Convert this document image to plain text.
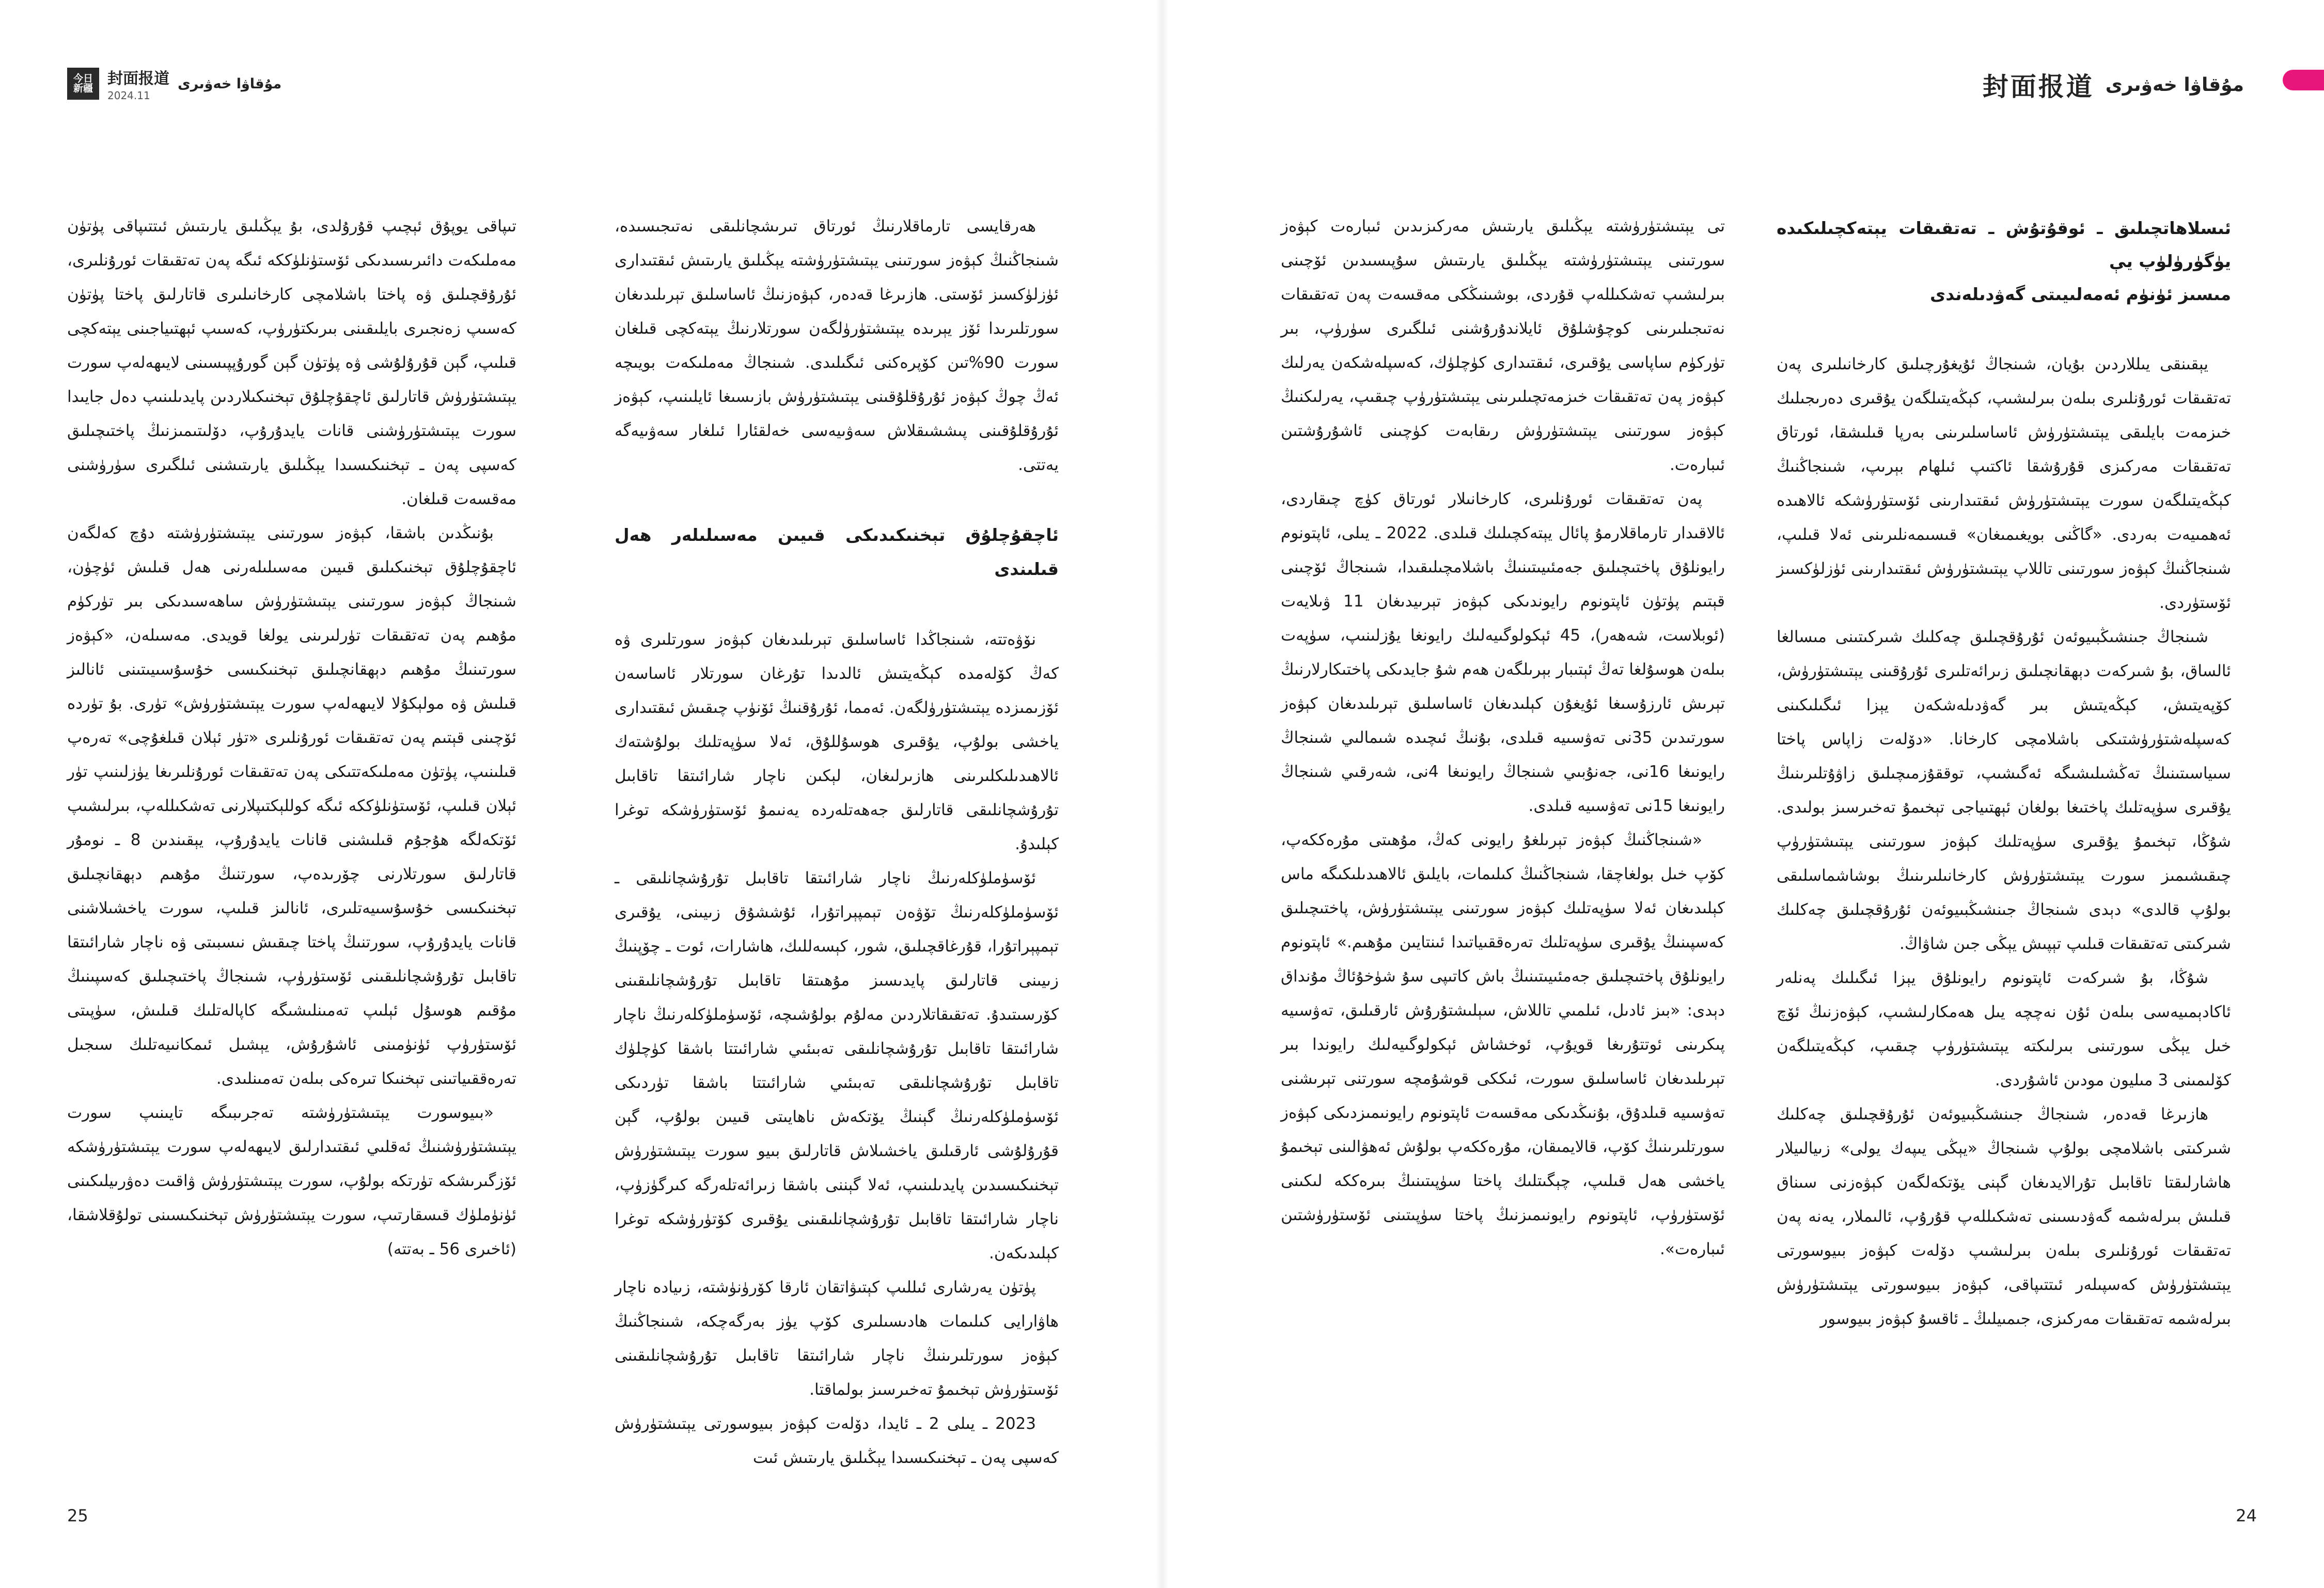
今日
新疆
封面报道
2024.11
مۇقاۋا خەۋىرى

ھەرقايسى تارماقلارنىڭ ئورتاق تىرىشچانلىقى نەتىجىسىدە، شىنجاڭنىڭ كېۋەز سورتىنى يېتىشتۈرۈشتە يېڭىلىق يارىتىش ئىقتىدارى ئۈزلۈكسىز ئۆستى. ھازىرغا قەدەر، كېۋەزنىڭ ئاساسلىق تېرىلىدىغان سورتلىرىدا ئۆز يېرىدە يېتىشتۈرۈلگەن سورتلارنىڭ يېتەكچى قىلغان سورت 90%تىن كۆپرەكنى ئىگىلىدى. شىنجاڭ مەملىكەت بويىچە ئەڭ چوڭ كېۋەز ئۇرۇقلۇقىنى يېتىشتۈرۈش بازىسىغا ئايلىنىپ، كېۋەز ئۇرۇقلۇقىنى پىششىقلاش سەۋىيەسى خەلقئارا ئىلغار سەۋىيەگە يەتتى.

ئاچقۇچلۇق تېخنىكىدىكى قىيىن مەسىلىلەر ھەل قىلىندى

نۆۋەتتە، شىنجاڭدا ئاساسلىق تېرىلىدىغان كېۋەز سورتلىرى ۋە كەڭ كۆلەمدە كېڭەيتىش ئالدىدا تۇرغان سورتلار ئاساسەن ئۆزىمىزدە يېتىشتۈرۈلگەن. ئەمما، ئۇرۇقنىڭ ئۆنۈپ چىقىش ئىقتىدارى ياخشى بولۇپ، يۇقىرى ھوسۇللۇق، ئەلا سۈپەتلىك بولۇشتەك ئالاھىدىلىكلىرىنى ھازىرلىغان، لېكىن ناچار شارائىتقا تاقابىل تۇرۇشچانلىقى قاتارلىق جەھەتلەردە يەنىمۇ ئۆستۈرۈشكە توغرا كېلىدۇ.

ئۆسۈملۈكلەرنىڭ ناچار شارائىتقا تاقابىل تۇرۇشچانلىقى ـ ئۆسۈملۈكلەرنىڭ تۆۋەن تېمپېراتۇرا، ئۇششۇق زىيىنى، يۇقىرى تېمپېراتۇرا، قۇرغاقچىلىق، شور، كېسەللىك، ھاشارات، ئوت ـ چۆپنىڭ زىيىنى قاتارلىق پايدىسىز مۇھىتقا تاقابىل تۇرۇشچانلىقىنى كۆرسىتىدۇ. تەتقىقاتلاردىن مەلۇم بولۇشىچە، ئۆسۈملۈكلەرنىڭ ناچار شارائىتقا تاقابىل تۇرۇشچانلىقى تەبىئىي شارائىتتا باشقا كۈچلۈك تاقابىل تۇرۇشچانلىقى تەبىئىي شارائىتتا باشقا تۈردىكى ئۆسۈملۈكلەرنىڭ گېنىڭ يۆتكەش ناھايىتى قىيىن بولۇپ، گېن قۇرۇلۇشى ئارقىلىق ياخشىلاش قاتارلىق بىيو سورت يېتىشتۈرۈش تېخنىكىسىدىن پايدىلىنىپ، ئەلا گېننى باشقا زىرائەتلەرگە كىرگۈزۈپ، ناچار شارائىتقا تاقابىل تۇرۇشچانلىقىنى يۇقىرى كۆتۈرۈشكە توغرا كېلىدىكەن.

پۈتۈن يەرشارى ئىللىپ كېتىۋاتقان ئارقا كۆرۈنۈشتە، زىيادە ناچار ھاۋارايى كىلىمات ھادىسىلىرى كۆپ يۈز بەرگەچكە، شىنجاڭنىڭ كېۋەز سورتلىرىنىڭ ناچار شارائىتقا تاقابىل تۇرۇشچانلىقىنى ئۆستۈرۈش تېخىمۇ تەخىرسىز بولماقتا.

2023 ـ يىلى 2 ـ ئايدا، دۆلەت كېۋەز بىيوسورتى يېتىشتۈرۈش كەسپى پەن ـ تېخنىكىسىدا يېڭىلىق يارىتىش ئىت

تىپاقى يوپۇق ئېچىپ قۇرۇلدى، بۇ يېڭىلىق يارىتىش ئىتتىپاقى پۈتۈن مەملىكەت دائىرىسىدىكى ئۆستۈنلۈككە ئىگە پەن تەتقىقات ئورۇنلىرى، ئۇرۇقچىلىق ۋە پاختا باشلامچى كارخانىلىرى قاتارلىق پاختا پۈتۈن كەسىپ زەنجىرى بايلىقىنى بىرىكتۈرۈپ، كەسىپ ئېھتىياجىنى يېتەكچى قىلىپ، گېن قۇرۇلۇشى ۋە پۈتۈن گېن گورۇپپىسىنى لايىھەلەپ سورت يېتىشتۈرۈش قاتارلىق ئاچقۇچلۇق تېخنىكىلاردىن پايدىلىنىپ دەل جايىدا سورت يېتىشتۈرۈشنى قانات يايدۇرۇپ، دۆلىتىمىزنىڭ پاختىچىلىق كەسپى پەن ـ تېخنىكىسىدا يېڭىلىق يارىتىشنى ئىلگىرى سۈرۈشنى مەقسەت قىلغان.

بۇنىڭدىن باشقا، كېۋەز سورتىنى يېتىشتۈرۈشتە دۇچ كەلگەن ئاچقۇچلۇق تېخنىكىلىق قىيىن مەسىلىلەرنى ھەل قىلىش ئۈچۈن، شىنجاڭ كېۋەز سورتىنى يېتىشتۈرۈش ساھەسىدىكى بىر تۈركۈم مۇھىم پەن تەتقىقات تۈرلىرىنى يولغا قويدى. مەسىلەن، «كېۋەز سورتىنىڭ مۇھىم دېھقانچىلىق تېخنىكىسى خۇسۇسىيىتىنى ئانالىز قىلىش ۋە مولېكۇلا لايىھەلەپ سورت يېتىشتۈرۈش» تۈرى. بۇ تۈردە ئۆچىنى قېتىم پەن تەتقىقات ئورۇنلىرى «تۈر ئېلان قىلغۇچى» تەرەپ قىلىنىپ، پۈتۈن مەملىكەتتىكى پەن تەتقىقات ئورۇنلىرىغا يۈزلىنىپ تۈر ئېلان قىلىپ، ئۆستۈنلۈككە ئىگە كوللېكتىپلارنى تەشكىللەپ، بىرلىشىپ ئۆتكەلگە ھۇجۇم قىلىشنى قانات يايدۇرۇپ، يېقىندىن 8 ـ نومۇر قاتارلىق سورتلارنى چۆرىدەپ، سورتنىڭ مۇھىم دېھقانچىلىق تېخنىكىسى خۇسۇسىيەتلىرى، ئانالىز قىلىپ، سورت ياخشىلاشنى قانات يايدۇرۇپ، سورتنىڭ پاختا چىقىش نىسبىتى ۋە ناچار شارائىتقا تاقابىل تۇرۇشچانلىقىنى ئۆستۈرۈپ، شىنجاڭ پاختىچىلىق كەسپىنىڭ مۇقىم ھوسۇل ئېلىپ تەمىنلىشىگە كاپالەتلىك قىلىش، سۈپىتى ئۆستۈرۈپ ئۈنۈمىنى ئاشۇرۇش، يېشىل ئىمكانىيەتلىك سىجىل تەرەققىياتىنى تېخنىكا تىرەكى بىلەن تەمىنلىدى.

«بىيوسورت يېتىشتۈرۈشتە تەجرىبىگە تايىنىپ سورت يېتىشتۈرۈشنىڭ ئەقلىي ئىقتىدارلىق لايىھەلەپ سورت يېتىشتۈرۈشكە ئۆزگىرىشكە تۈرتكە بولۇپ، سورت يېتىشتۈرۈش ۋاقىت دەۋرىيلىكىنى ئۈنۈملۈك قىسقارتىپ، سورت يېتىشتۈرۈش تېخنىكىسىنى تولۇقلاشقا، (ئاخىرى 56 ـ بەتتە)

25
封面报道 مۇقاۋا خەۋىرى

ئىسلاھاتچىلىق ـ ئوقۇتۇش ـ تەتقىقات يېتەكچىلىكىدە يۈگۈرۈلۈپ يې

مىسىز ئۈنۈم ئەمەلىيىتى گەۋدىلەندى

يېقىنقى يىللاردىن بۇيان، شىنجاڭ ئۇيغۇرچىلىق كارخانىلىرى پەن تەتقىقات ئورۇنلىرى بىلەن بىرلىشىپ، كېڭەيتىلگەن يۇقىرى دەرىجىلىك خىزمەت بايلىقى يېتىشتۈرۈش ئاساسلىرىنى بەرپا قىلىشقا، ئورتاق تەتقىقات مەركىزى قۇرۇشقا ئاكتىپ ئىلھام بېرىپ، شىنجاڭنىڭ كېڭەيتىلگەن سورت يېتىشتۈرۈش ئىقتىدارىنى ئۆستۈرۈشكە ئالاھىدە ئەھمىيەت بەردى. «گاڭنى بويغىمىغان» قىسىمەنلىرىنى ئەلا قىلىپ، شىنجاڭنىڭ كېۋەز سورتىنى تاللاپ يېتىشتۈرۈش ئىقتىدارىنى ئۈزلۈكسىز ئۆستۈردى.

شىنجاڭ جىنشىڭبىيوئەن ئۇرۇقچىلىق چەكلىك شىركىتىنى مىسالغا ئالساق، بۇ شىركەت دېھقانچىلىق زىرائەتلىرى ئۇرۇقىنى يېتىشتۈرۈش، كۆپەيتىش، كېڭەيتىش بىر گەۋدىلەشكەن يېزا ئىگىلىكىنى كەسپلەشتۈرۈشتىكى باشلامچى كارخانا. «دۆلەت زاپاس پاختا سىياسىتىنىڭ تەڭشىلىشىگە ئەگىشىپ، توققۇزمىچىلىق زاۋۇتلىرىنىڭ يۇقىرى سۈپەتلىك پاختىغا بولغان ئېھتىياجى تېخىمۇ تەخىرسىز بولىدى. شۇڭا، تېخىمۇ يۇقىرى سۈپەتلىك كېۋەز سورتىنى يېتىشتۈرۈپ چىقىشىمىز سورت يېتىشتۈرۈش كارخانىلىرىنىڭ بوشاشماسلىقى بولۇپ قالدى» دېدى شىنجاڭ جىنشىڭبىيوئەن ئۇرۇقچىلىق چەكلىك شىركىتى تەتقىقات قىلىپ تېپىش يېڭى جىن شاۋاڭ.

شۇڭا، بۇ شىركەت ئاپتونوم رايونلۇق يېزا ئىگىلىك پەنلەر ئاكادېمىيەسى بىلەن ئۇن نەچچە يىل ھەمكارلىشىپ، كېۋەزنىڭ ئۆچ خىل يېڭى سورتىنى بىرلىكتە يېتىشتۈرۈپ چىقىپ، كېڭەيتىلگەن كۆلىمىنى 3 مىليون مودىن ئاشۇردى.

ھازىرغا قەدەر، شىنجاڭ جىنشىڭبىيوئەن ئۇرۇقچىلىق چەكلىك شىركىتى باشلامچى بولۇپ شىنجاڭ «يېڭى يىپەك يولى» زىيالىيلار ھاشارلىقتا تاقابىل تۇرالايدىغان گېنى يۆتكەلگەن كېۋەزنى سىناق قىلىش بىرلەشمە گەۋدىسىنى تەشكىللەپ قۇرۇپ، ئالىملار، يەنە پەن تەتقىقات ئورۇنلىرى بىلەن بىرلىشىپ دۆلەت كېۋەز بىيوسورتى يېتىشتۈرۈش كەسپىلەر ئىتتىپاقى، كېۋەز بىيوسورتى يېتىشتۈرۈش بىرلەشمە تەتقىقات مەركىزى، جىمىيلىڭ ـ ئاقسۇ كېۋەز بىيوسور

تى يېتىشتۈرۈشتە يېڭىلىق يارىتىش مەركىزىدىن ئىبارەت كېۋەز سورتىنى يېتىشتۈرۈشتە يېڭىلىق يارىتىش سۇپىسىدىن ئۆچىنى بىرلىشىپ تەشكىللەپ قۇردى، بوشىنىڭكى مەقسەت پەن تەتقىقات نەتىجىلىرىنى كوچۇشلۇق ئايلاندۇرۇشنى ئىلگىرى سۈرۈپ، بىر تۈركۈم ساپاسى يۇقىرى، ئىقتىدارى كۈچلۈك، كەسپلەشكەن يەرلىك كېۋەز پەن تەتقىقات خىزمەتچىلىرىنى يېتىشتۈرۈپ چىقىپ، يەرلىكنىڭ كېۋەز سورتىنى يېتىشتۈرۈش رىقابەت كۈچىنى ئاشۇرۇشتىن ئىبارەت.

پەن تەتقىقات ئورۇنلىرى، كارخانىلار ئورتاق كۈچ چىقاردى، ئالاقىدار تارماقلارمۇ پائال يېتەكچىلىك قىلدى. 2022 ـ يىلى، ئاپتونوم رايونلۇق پاختىچىلىق جەمئىيىتىنىڭ باشلامچىلىقىدا، شىنجاڭ ئۆچىنى قېتىم پۈتۈن ئاپتونوم رايوندىكى كېۋەز تېرىيدىغان 11 ۋىلايەت (ئوبلاست، شەھەر)، 45 ئېكولوگىيەلىك رايونغا يۇزلىنىپ، سۈپەت بىلەن ھوسۇلغا تەڭ ئېتىبار بېرىلگەن ھەم شۇ جايدىكى پاختىكارلارنىڭ تېرىش ئارزۇسىغا ئۇيغۇن كېلىدىغان ئاساسلىق تېرىلىدىغان كېۋەز سورتىدىن 35نى تەۋسىيە قىلدى، بۇنىڭ ئىچىدە شىمالىي شىنجاڭ رايونىغا 16نى، جەنۇبىي شىنجاڭ رايونىغا 4نى، شەرقىي شىنجاڭ رايونىغا 15نى تەۋسىيە قىلدى.

«شىنجاڭنىڭ كېۋەز تېرىلغۇ رايونى كەڭ، مۇھىتى مۇرەككەپ، كۆپ خىل بولغاچقا، شىنجاڭنىڭ كىلىمات، بايلىق ئالاھىدىلىكىگە ماس كېلىدىغان ئەلا سۈپەتلىك كېۋەز سورتىنى يېتىشتۈرۈش، پاختىچىلىق كەسپىنىڭ يۇقىرى سۈپەتلىك تەرەققىياتىدا ئىنتايىن مۇھىم.» ئاپتونوم رايونلۇق پاختىچىلىق جەمئىيىتىنىڭ باش كاتىپى سۇ شۈخۇئاڭ مۇنداق دېدى: «بىز ئادىل، ئىلمىي تاللاش، سېلىشتۇرۇش ئارقىلىق، تەۋسىيە پىكرىنى ئوتتۇرىغا قويۇپ، ئوخشاش ئېكولوگىيەلىك رايوندا بىر تېرىلىدىغان ئاساسلىق سورت، ئىككى قوشۇمچە سورتنى تېرىشنى تەۋسىيە قىلدۇق، بۇنىڭدىكى مەقسەت ئاپتونوم رايونىمىزدىكى كېۋەز سورتلىرىنىڭ كۆپ، قالايمىقان، مۇرەككەپ بولۇش ئەھۋالىنى تېخىمۇ ياخشى ھەل قىلىپ، چېگىتلىك پاختا سۈپىتىنىڭ بىرەككە لىكىنى ئۆستۈرۈپ، ئاپتونوم رايونىمىزنىڭ پاختا سۈپىتىنى ئۆستۈرۈشتىن ئىبارەت».

24
